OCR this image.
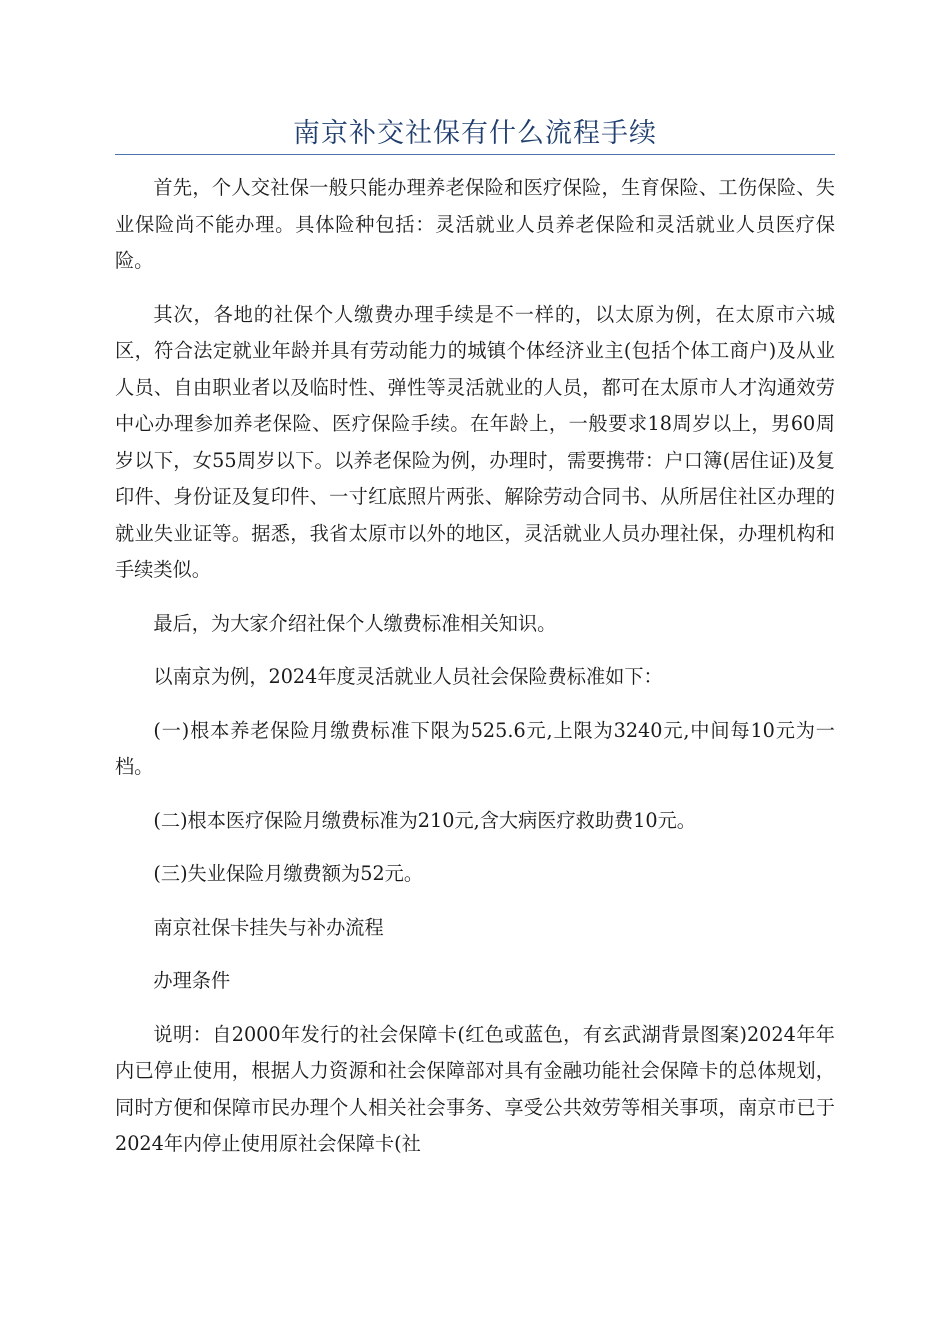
南京补交社保有什么流程手续

首先，个人交社保一般只能办理养老保险和医疗保险，生育保险、工伤保险、失业保险尚不能办理。具体险种包括：灵活就业人员养老保险和灵活就业人员医疗保险。

其次，各地的社保个人缴费办理手续是不一样的，以太原为例，在太原市六城区，符合法定就业年龄并具有劳动能力的城镇个体经济业主(包括个体工商户)及从业人员、自由职业者以及临时性、弹性等灵活就业的人员，都可在太原市人才沟通效劳中心办理参加养老保险、医疗保险手续。在年龄上，一般要求18周岁以上，男60周岁以下，女55周岁以下。以养老保险为例，办理时，需要携带：户口簿(居住证)及复印件、身份证及复印件、一寸红底照片两张、解除劳动合同书、从所居住社区办理的就业失业证等。据悉，我省太原市以外的地区，灵活就业人员办理社保，办理机构和手续类似。

最后，为大家介绍社保个人缴费标准相关知识。

以南京为例，2024年度灵活就业人员社会保险费标准如下：

(一)根本养老保险月缴费标准下限为525.6元,上限为3240元,中间每10元为一档。

(二)根本医疗保险月缴费标准为210元,含大病医疗救助费10元。

(三)失业保险月缴费额为52元。

南京社保卡挂失与补办流程

办理条件

说明：自2000年发行的社会保障卡(红色或蓝色，有玄武湖背景图案)2024年年内已停止使用，根据人力资源和社会保障部对具有金融功能社会保障卡的总体规划，同时方便和保障市民办理个人相关社会事务、享受公共效劳等相关事项，南京市已于2024年内停止使用原社会保障卡(社
